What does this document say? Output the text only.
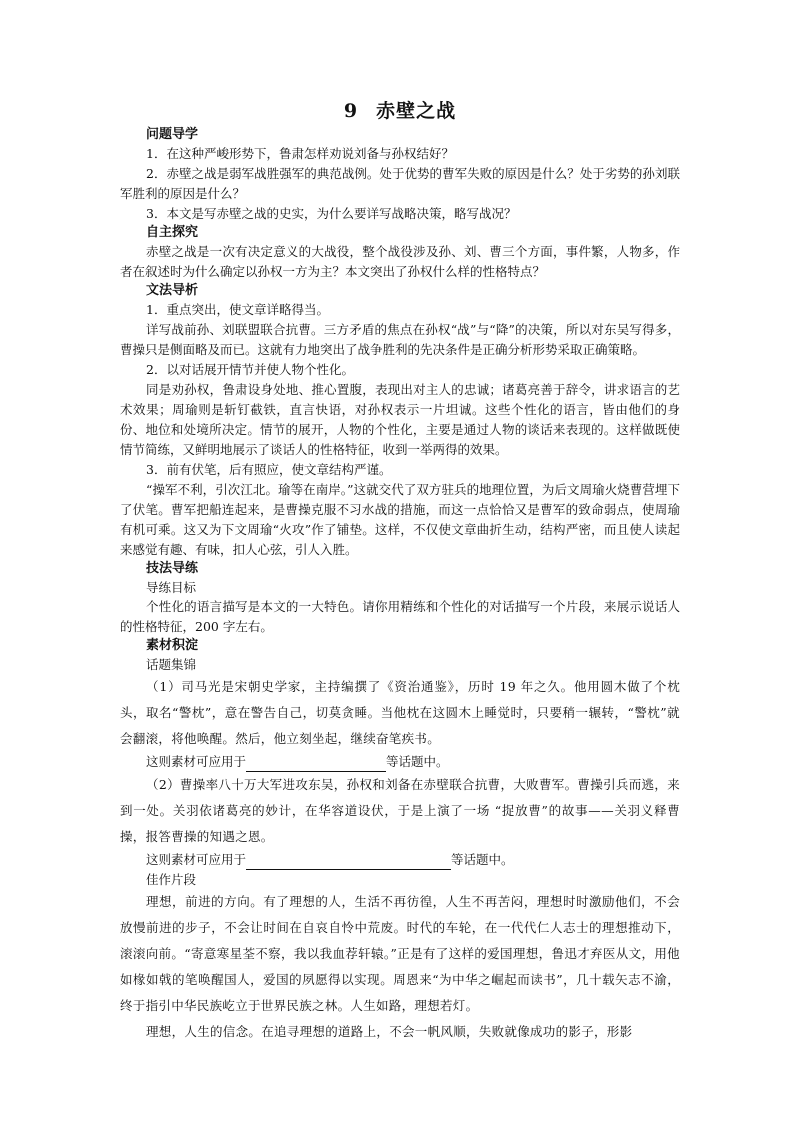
9 赤壁之战
问题导学

1．在这种严峻形势下，鲁肃怎样劝说刘备与孙权结好？

2．赤壁之战是弱军战胜强军的典范战例。处于优势的曹军失败的原因是什么？处于劣势的孙刘联军胜利的原因是什么？

3．本文是写赤壁之战的史实，为什么要详写战略决策，略写战况？

自主探究

赤壁之战是一次有决定意义的大战役，整个战役涉及孙、刘、曹三个方面，事件繁，人物多，作者在叙述时为什么确定以孙权一方为主？本文突出了孙权什么样的性格特点？

文法导析

1．重点突出，使文章详略得当。

详写战前孙、刘联盟联合抗曹。三方矛盾的焦点在孙权“战”与“降”的决策，所以对东吴写得多，曹操只是侧面略及而已。这就有力地突出了战争胜利的先决条件是正确分析形势采取正确策略。

2．以对话展开情节并使人物个性化。

同是劝孙权，鲁肃设身处地、推心置腹，表现出对主人的忠诚；诸葛亮善于辞令，讲求语言的艺术效果；周瑜则是斩钉截铁，直言快语，对孙权表示一片坦诚。这些个性化的语言，皆由他们的身份、地位和处境所决定。情节的展开，人物的个性化，主要是通过人物的谈话来表现的。这样做既使情节简练，又鲜明地展示了谈话人的性格特征，收到一举两得的效果。

3．前有伏笔，后有照应，使文章结构严谨。

“操军不利，引次江北。瑜等在南岸。”这就交代了双方驻兵的地理位置，为后文周瑜火烧曹营埋下了伏笔。曹军把船连起来，是曹操克服不习水战的措施，而这一点恰恰又是曹军的致命弱点，使周瑜有机可乘。这又为下文周瑜“火攻”作了铺垫。这样，不仅使文章曲折生动，结构严密，而且使人读起来感觉有趣、有味，扣人心弦，引人入胜。

技法导练
导练目标

个性化的语言描写是本文的一大特色。请你用精练和个性化的对话描写一个片段，来展示说话人的性格特征，200 字左右。

素材积淀
话题集锦

（1）司马光是宋朝史学家，主持编撰了《资治通鉴》，历时 19 年之久。他用圆木做了个枕头，取名“警枕”，意在警告自己，切莫贪睡。当他枕在这圆木上睡觉时，只要稍一辗转，“警枕”就会翻滚，将他唤醒。然后，他立刻坐起，继续奋笔疾书。

这则素材可应用于	等话题中。

（2）曹操率八十万大军进攻东吴，孙权和刘备在赤壁联合抗曹，大败曹军。曹操引兵而逃，来到一处。关羽依诸葛亮的妙计，在华容道设伏，于是上演了一场 “捉放曹”的故事——关羽义释曹操，报答曹操的知遇之恩。

这则素材可应用于	等话题中。

佳作片段

理想，前进的方向。有了理想的人，生活不再彷徨，人生不再苦闷，理想时时激励他们，不会放慢前进的步子，不会让时间在自哀自怜中荒废。时代的车轮，在一代代仁人志士的理想推动下，滚滚向前。“寄意寒星荃不察，我以我血荐轩辕。”正是有了这样的爱国理想，鲁迅才弃医从文，用他如椽如戟的笔唤醒国人，爱国的夙愿得以实现。周恩来“为中华之崛起而读书”，几十载矢志不渝，终于指引中华民族屹立于世界民族之林。人生如路，理想若灯。

理想，人生的信念。在追寻理想的道路上，不会一帆风顺，失败就像成功的影子，形影
